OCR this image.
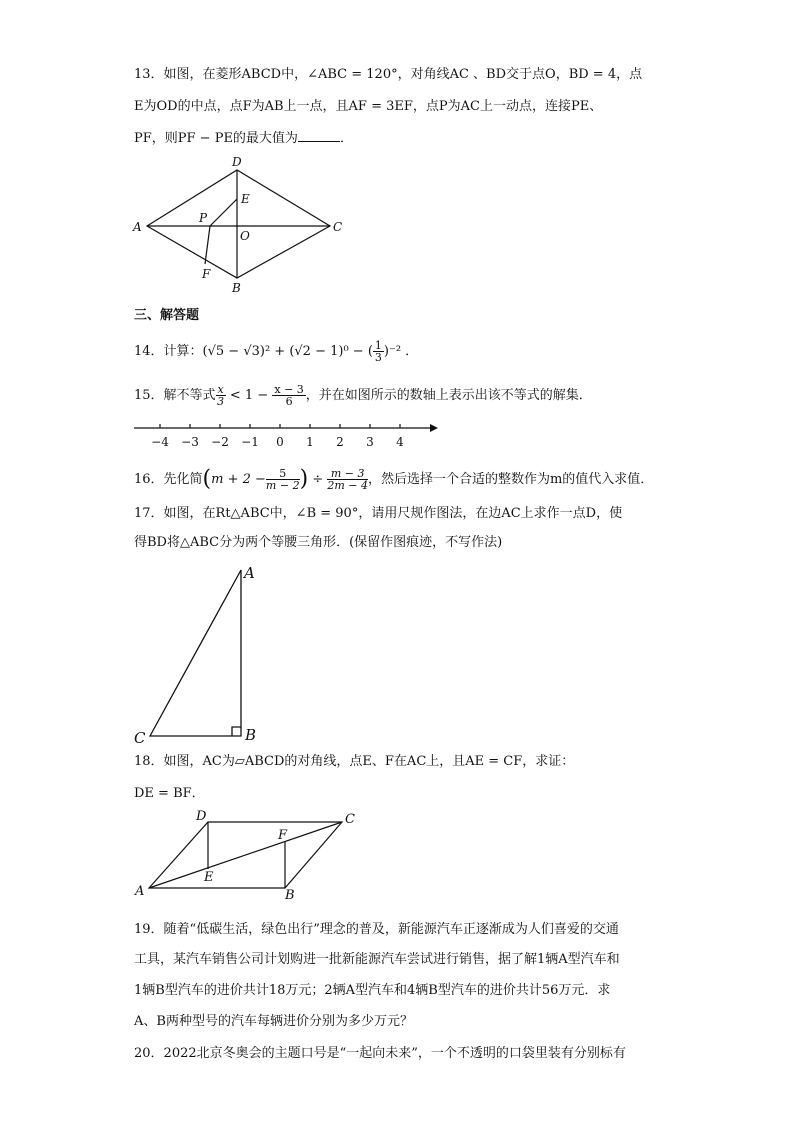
13．如图，在菱形ABCD中，∠ABC = 120°，对角线AC 、BD交于点O，BD = 4，点
E为OD的中点，点F为AB上一点，且AF = 3EF，点P为AC上一动点，连接PE、
PF，则PF − PE的最大值为	．
D
E
P
A
O
C
F
B
三、解答题
14．计算：(√5 − √3)² + (√2 − 1)⁰ − ( $\frac{1}{3} )^{-2}$ ．
15．解不等式 $\frac{x}{3} < 1 - \frac{x - 3}{6}$ ，并在如图所示的数轴上表示出该不等式的解集．
−4 −3 −2 −1 0 1 2 3 4
16．先化简($m + 2 - \frac{5}{m - 2}$ ) ÷ $\frac{m - 3}{2m - 4}$ ，然后选择一个合适的整数作为m的值代入求值．
17．如图，在Rt△ABC中，∠B = 90°，请用尺规作图法，在边AC上求作一点D，使
得BD将△ABC分为两个等腰三角形．(保留作图痕迹，不写作法)
A
C	B
18．如图，AC为▱ABCD的对角线，点E、F在AC上，且AE = CF，求证：
DE = BF．
D	C
F
E
A	B
19．随着“低碳生活，绿色出行”理念的普及，新能源汽车正逐渐成为人们喜爱的交通
工具，某汽车销售公司计划购进一批新能源汽车尝试进行销售，据了解1辆A型汽车和
1辆B型汽车的进价共计18万元；2辆A型汽车和4辆B型汽车的进价共计56万元．求
A、B两种型号的汽车每辆进价分别为多少万元？
20．2022北京冬奥会的主题口号是“一起向未来”，一个不透明的口袋里装有分别标有
